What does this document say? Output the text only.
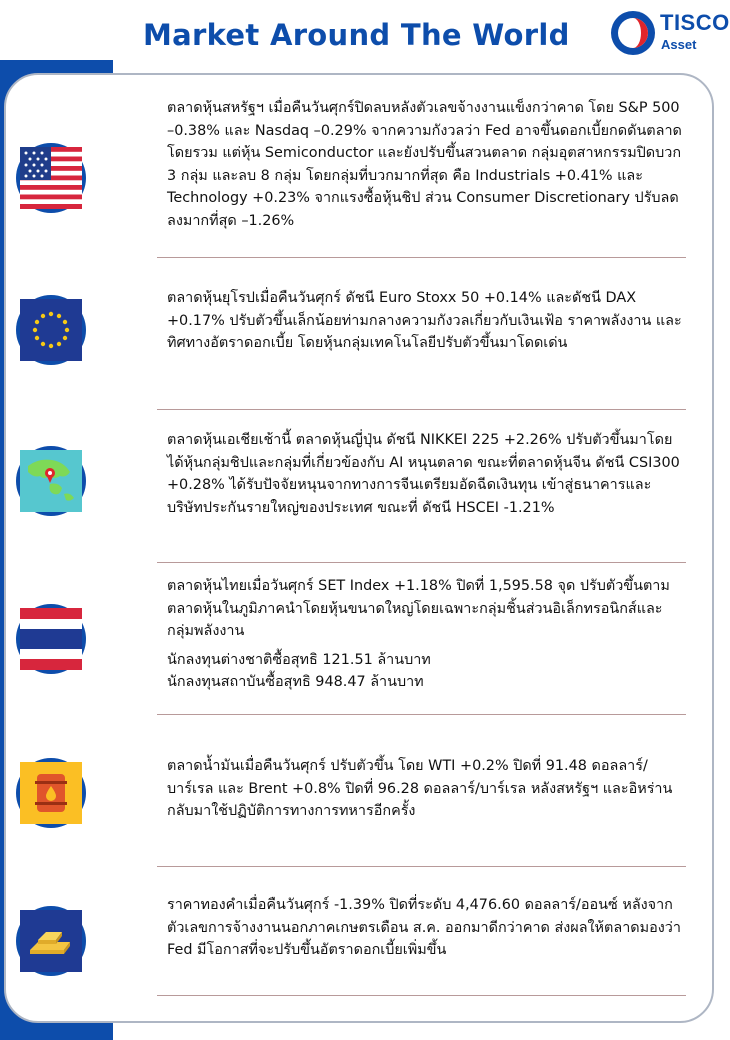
Market Around The World	TISCO
Asset

ตลาดหุ้นสหรัฐฯ เมื่อคืนวันศุกร์ปิดลบหลังตัวเลขจ้างงานแข็งกว่าคาด โดย S&P 500 –0.38% และ Nasdaq –0.29% จากความกังวลว่า Fed อาจขึ้นดอกเบี้ยกดดันตลาดโดยรวม แต่หุ้น Semiconductor และยังปรับขึ้นสวนตลาด กลุ่มอุตสาหกรรมปิดบวก 3 กลุ่ม และลบ 8 กลุ่ม โดยกลุ่มที่บวกมากที่สุด คือ Industrials +0.41% และ Technology +0.23% จากแรงซื้อหุ้นชิป ส่วน Consumer Discretionary ปรับลดลงมากที่สุด –1.26%

ตลาดหุ้นยุโรปเมื่อคืนวันศุกร์ ดัชนี Euro Stoxx 50 +0.14% และดัชนี DAX +0.17% ปรับตัวขึ้นเล็กน้อยท่ามกลางความกังวลเกี่ยวกับเงินเฟ้อ ราคาพลังงาน และทิศทางอัตราดอกเบี้ย โดยหุ้นกลุ่มเทคโนโลยีปรับตัวขึ้นมาโดดเด่น

ตลาดหุ้นเอเชียเช้านี้ ตลาดหุ้นญี่ปุ่น ดัชนี NIKKEI 225 +2.26% ปรับตัวขึ้นมาโดยได้หุ้นกลุ่มชิปและกลุ่มที่เกี่ยวข้องกับ AI หนุนตลาด ขณะที่ตลาดหุ้นจีน ดัชนี CSI300 +0.28% ได้รับปัจจัยหนุนจากทางการจีนเตรียมอัดฉีดเงินทุน เข้าสู่ธนาคารและบริษัทประกันรายใหญ่ของประเทศ ขณะที่ ดัชนี HSCEI -1.21%

ตลาดหุ้นไทยเมื่อวันศุกร์ SET Index +1.18% ปิดที่ 1,595.58 จุด ปรับตัวขึ้นตามตลาดหุ้นในภูมิภาคนำโดยหุ้นขนาดใหญ่โดยเฉพาะกลุ่มชิ้นส่วนอิเล็กทรอนิกส์และกลุ่มพลังงาน

นักลงทุนต่างชาติซื้อสุทธิ 121.51 ล้านบาท
นักลงทุนสถาบันซื้อสุทธิ 948.47 ล้านบาท

ตลาดน้ำมันเมื่อคืนวันศุกร์ ปรับตัวขึ้น โดย WTI +0.2% ปิดที่ 91.48 ดอลลาร์/บาร์เรล และ Brent +0.8% ปิดที่ 96.28 ดอลลาร์/บาร์เรล หลังสหรัฐฯ และอิหร่านกลับมาใช้ปฏิบัติการทางการทหารอีกครั้ง

ราคาทองคำเมื่อคืนวันศุกร์ -1.39% ปิดที่ระดับ 4,476.60 ดอลลาร์/ออนซ์ หลังจากตัวเลขการจ้างงานนอกภาคเกษตรเดือน ส.ค. ออกมาดีกว่าคาด ส่งผลให้ตลาดมองว่า Fed มีโอกาสที่จะปรับขึ้นอัตราดอกเบี้ยเพิ่มขึ้น
